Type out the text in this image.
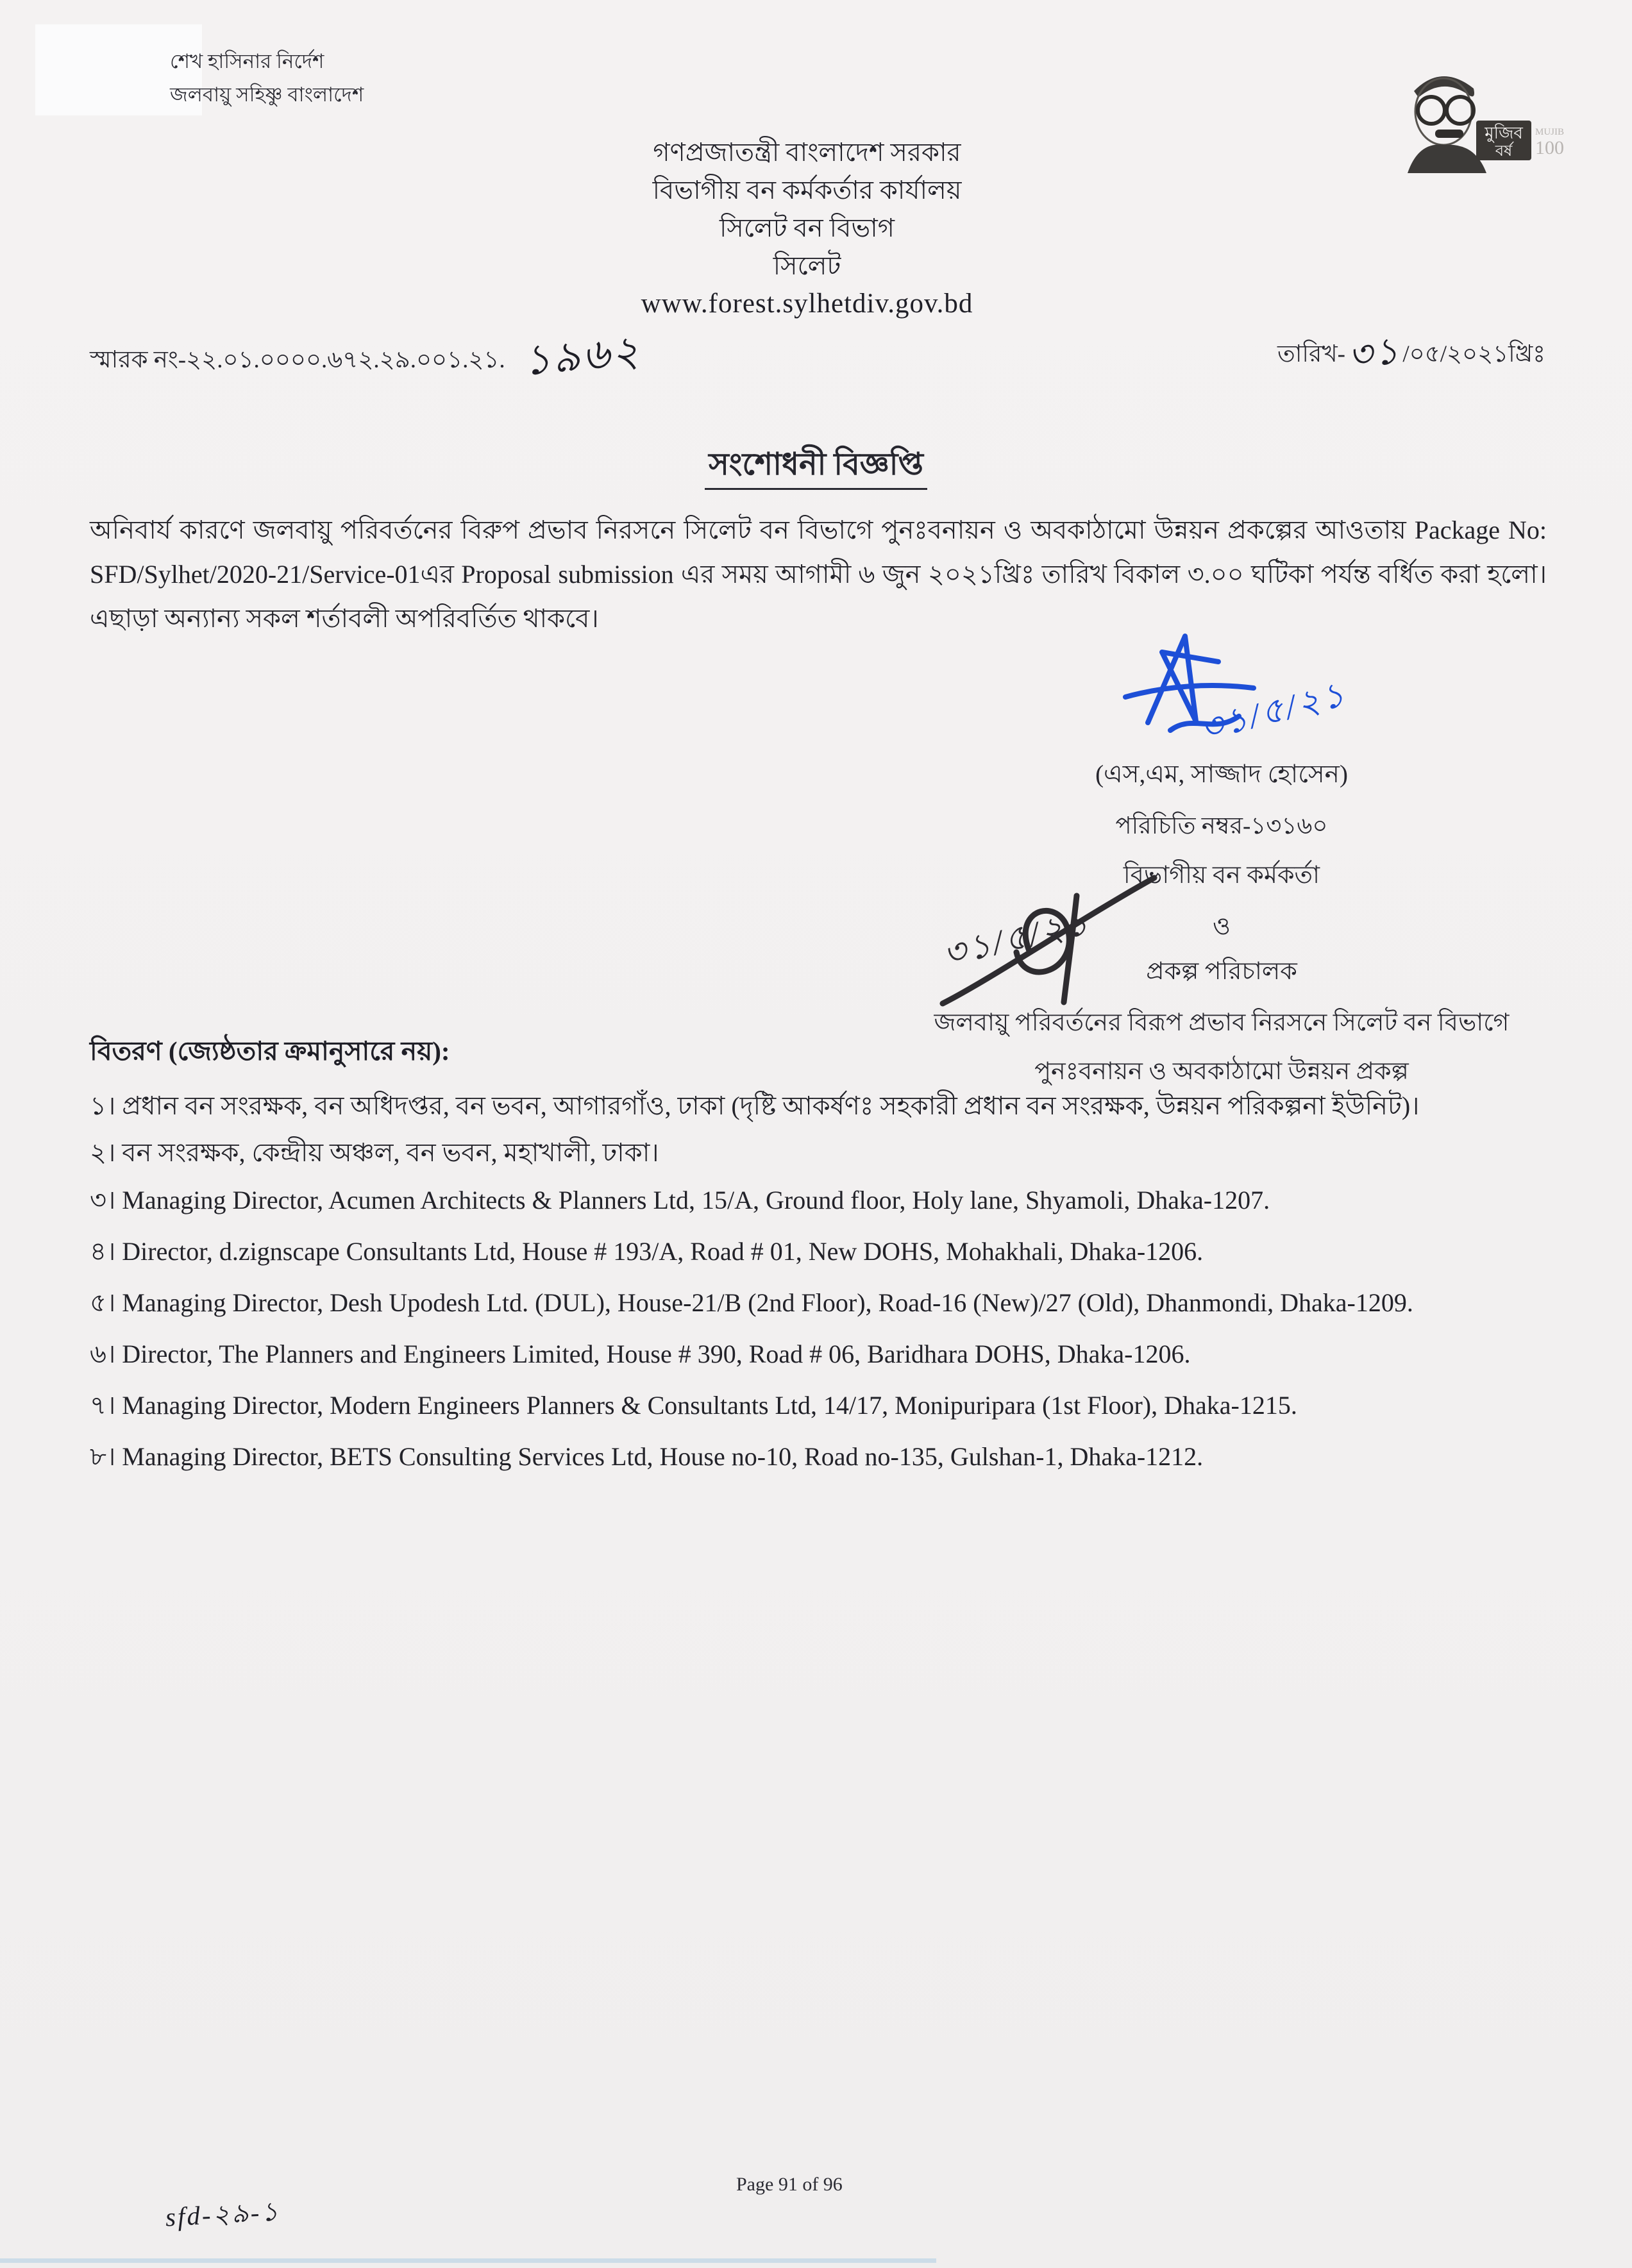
শেখ হাসিনার নির্দেশ
জলবায়ু সহিষ্ণু বাংলাদেশ
মুজিব
বর্ষ
MUJIB
100
গণপ্রজাতন্ত্রী বাংলাদেশ সরকার
বিভাগীয় বন কর্মকর্তার কার্যালয়
সিলেট বন বিভাগ
সিলেট
www.forest.sylhetdiv.gov.bd
স্মারক নং-২২.০১.০০০০.৬৭২.২৯.০০১.২১. ১৯৬২	তারিখ-৩১/০৫/২০২১খ্রিঃ
সংশোধনী বিজ্ঞপ্তি
অনিবার্য কারণে জলবায়ু পরিবর্তনের বিরুপ প্রভাব নিরসনে সিলেট বন বিভাগে পুনঃবনায়ন ও অবকাঠামো উন্নয়ন প্রকল্পের আওতায় Package No: SFD/Sylhet/2020-21/Service-01এর Proposal submission এর সময় আগামী ৬ জুন ২০২১খ্রিঃ তারিখ বিকাল ৩.০০ ঘটিকা পর্যন্ত বর্ধিত করা হলো। এছাড়া অন্যান্য সকল শর্তাবলী অপরিবর্তিত থাকবে।
৩১/৫/২১
(এস,এম, সাজ্জাদ হোসেন)
পরিচিতি নম্বর-১৩১৬০
বিভাগীয় বন কর্মকর্তা
৩১/৫/২১	ও
প্রকল্প পরিচালক
জলবায়ু পরিবর্তনের বিরূপ প্রভাব নিরসনে সিলেট বন বিভাগে
পুনঃবনায়ন ও অবকাঠামো উন্নয়ন প্রকল্প
বিতরণ (জ্যেষ্ঠতার ক্রমানুসারে নয়):
১। প্রধান বন সংরক্ষক, বন অধিদপ্তর, বন ভবন, আগারগাঁও, ঢাকা (দৃষ্টি আকর্ষণঃ সহকারী প্রধান বন সংরক্ষক, উন্নয়ন পরিকল্পনা ইউনিট)।
২। বন সংরক্ষক, কেন্দ্রীয় অঞ্চল, বন ভবন, মহাখালী, ঢাকা।
৩। Managing Director, Acumen Architects & Planners Ltd, 15/A, Ground floor, Holy lane, Shyamoli, Dhaka-1207.
৪। Director, d.zignscape Consultants Ltd, House # 193/A, Road # 01, New DOHS, Mohakhali, Dhaka-1206.
৫। Managing Director, Desh Upodesh Ltd. (DUL), House-21/B (2nd Floor), Road-16 (New)/27 (Old), Dhanmondi, Dhaka-1209.
৬। Director, The Planners and Engineers Limited, House # 390, Road # 06, Baridhara DOHS, Dhaka-1206.
৭। Managing Director, Modern Engineers Planners & Consultants Ltd, 14/17, Monipuripara (1st Floor), Dhaka-1215.
৮। Managing Director, BETS Consulting Services Ltd, House no-10, Road no-135, Gulshan-1, Dhaka-1212.
Page 91 of 96
sfd-২৯-১
